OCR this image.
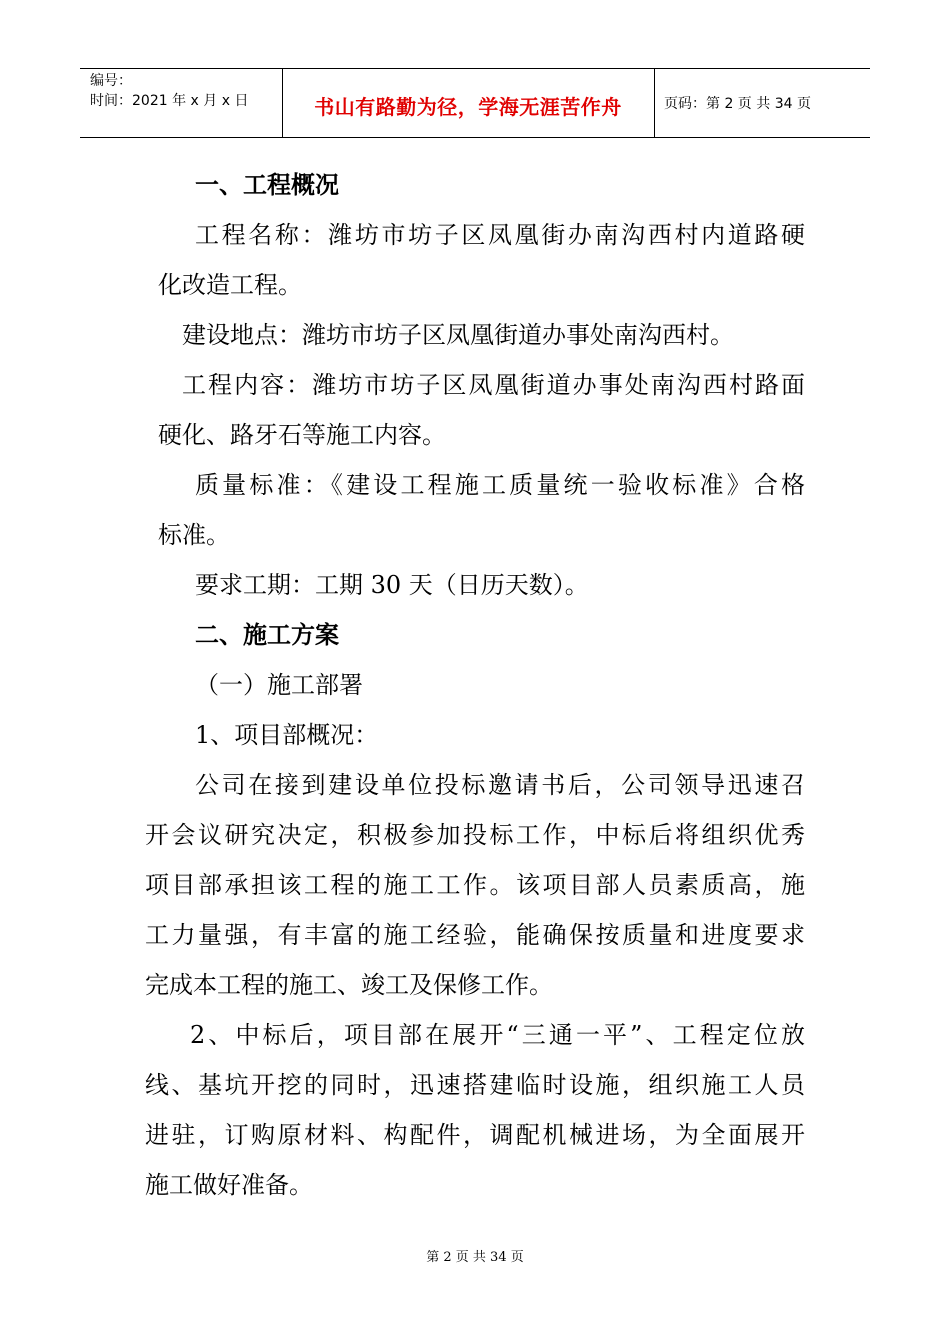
编号：
时间：2021 年 x 月 x 日	书山有路勤为径，学海无涯苦作舟	页码：第 2 页 共 34 页
一、工程概况
工程名称：潍坊市坊子区凤凰街办南沟西村内道路硬
化改造工程。
建设地点：潍坊市坊子区凤凰街道办事处南沟西村。
工程内容：潍坊市坊子区凤凰街道办事处南沟西村路面
硬化、路牙石等施工内容。
质量标准：《建设工程施工质量统一验收标准》合格
标准。
要求工期：工期 30 天（日历天数）。
二、施工方案
（一）施工部署
1、项目部概况：
公司在接到建设单位投标邀请书后，公司领导迅速召
开会议研究决定，积极参加投标工作，中标后将组织优秀
项目部承担该工程的施工工作。该项目部人员素质高，施
工力量强，有丰富的施工经验，能确保按质量和进度要求
完成本工程的施工、竣工及保修工作。
2、中标后，项目部在展开“三通一平”、工程定位放
线、基坑开挖的同时，迅速搭建临时设施，组织施工人员
进驻，订购原材料、构配件，调配机械进场，为全面展开
施工做好准备。
第 2 页 共 34 页
